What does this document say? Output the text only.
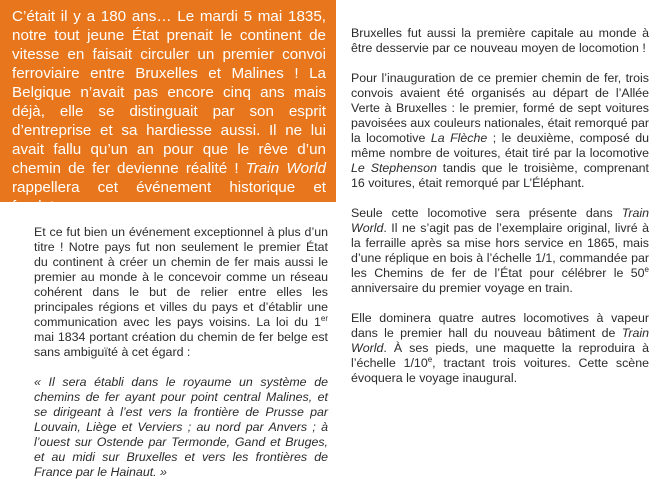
C’était il y a 180 ans… Le mardi 5 mai 1835, notre tout jeune État prenait le continent de vitesse en faisait circuler un premier convoi ferroviaire entre Bruxelles et Malines ! La Belgique n’avait pas encore cinq ans mais déjà, elle se distinguait par son esprit d’entreprise et sa hardiesse aussi. Il ne lui avait fallu qu’un an pour que le rêve d’un chemin de fer devienne réalité ! Train World rappellera cet événement historique et fondateur.

Et ce fut bien un événement exceptionnel à plus d’un titre ! Notre pays fut non seulement le premier État du continent à créer un chemin de fer mais aussi le premier au monde à le concevoir comme un réseau cohérent dans le but de relier entre elles les principales régions et villes du pays et d’établir une communication avec les pays voisins. La loi du 1er mai 1834 portant création du chemin de fer belge est sans ambiguïté à cet égard :

« Il sera établi dans le royaume un système de chemins de fer ayant pour point central Malines, et se dirigeant à l’est vers la frontière de Prusse par Louvain, Liège et Verviers ; au nord par Anvers ; à l’ouest sur Ostende par Termonde, Gand et Bruges, et au midi sur Bruxelles et vers les frontières de France par le Hainaut. »

Bruxelles fut aussi la première capitale au monde à être desservie par ce nouveau moyen de locomotion !

Pour l’inauguration de ce premier chemin de fer, trois convois avaient été organisés au départ de l’Allée Verte à Bruxelles : le premier, formé de sept voitures pavoisées aux couleurs nationales, était remorqué par la locomotive La Flèche ; le deuxième, composé du même nombre de voitures, était tiré par la locomotive Le Stephenson tandis que le troisième, comprenant 16 voitures, était remorqué par L’Éléphant.

Seule cette locomotive sera présente dans Train World. Il ne s’agit pas de l’exemplaire original, livré à la ferraille après sa mise hors service en 1865, mais d’une réplique en bois à l’échelle 1/1, commandée par les Chemins de fer de l’État pour célébrer le 50e anniversaire du premier voyage en train.

Elle dominera quatre autres locomotives à vapeur dans le premier hall du nouveau bâtiment de Train World. À ses pieds, une maquette la reproduira à l’échelle 1/10e, tractant trois voitures. Cette scène évoquera le voyage inaugural.
